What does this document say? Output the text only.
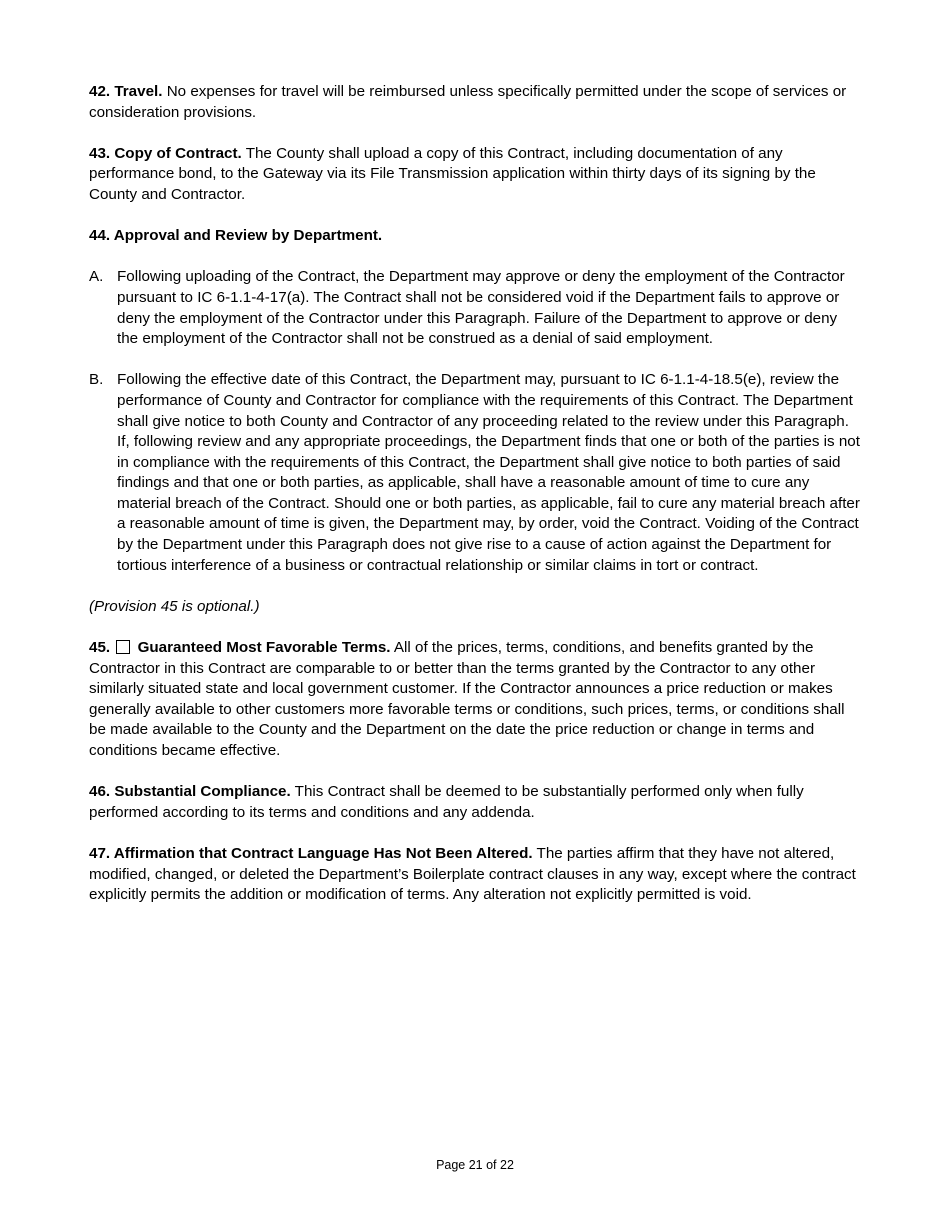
42. Travel. No expenses for travel will be reimbursed unless specifically permitted under the scope of services or consideration provisions.

43. Copy of Contract. The County shall upload a copy of this Contract, including documentation of any performance bond, to the Gateway via its File Transmission application within thirty days of its signing by the County and Contractor.

44. Approval and Review by Department.

A. Following uploading of the Contract, the Department may approve or deny the employment of the Contractor pursuant to IC 6-1.1-4-17(a). The Contract shall not be considered void if the Department fails to approve or deny the employment of the Contractor under this Paragraph. Failure of the Department to approve or deny the employment of the Contractor shall not be construed as a denial of said employment.
B. Following the effective date of this Contract, the Department may, pursuant to IC 6-1.1-4-18.5(e), review the performance of County and Contractor for compliance with the requirements of this Contract. The Department shall give notice to both County and Contractor of any proceeding related to the review under this Paragraph. If, following review and any appropriate proceedings, the Department finds that one or both of the parties is not in compliance with the requirements of this Contract, the Department shall give notice to both parties of said findings and that one or both parties, as applicable, shall have a reasonable amount of time to cure any material breach of the Contract. Should one or both parties, as applicable, fail to cure any material breach after a reasonable amount of time is given, the Department may, by order, void the Contract. Voiding of the Contract by the Department under this Paragraph does not give rise to a cause of action against the Department for tortious interference of a business or contractual relationship or similar claims in tort or contract.

(Provision 45 is optional.)

45. Guaranteed Most Favorable Terms. All of the prices, terms, conditions, and benefits granted by the Contractor in this Contract are comparable to or better than the terms granted by the Contractor to any other similarly situated state and local government customer. If the Contractor announces a price reduction or makes generally available to other customers more favorable terms or conditions, such prices, terms, or conditions shall be made available to the County and the Department on the date the price reduction or change in terms and conditions became effective.

46. Substantial Compliance. This Contract shall be deemed to be substantially performed only when fully performed according to its terms and conditions and any addenda.

47. Affirmation that Contract Language Has Not Been Altered. The parties affirm that they have not altered, modified, changed, or deleted the Department’s Boilerplate contract clauses in any way, except where the contract explicitly permits the addition or modification of terms. Any alteration not explicitly permitted is void.

Page 21 of 22
